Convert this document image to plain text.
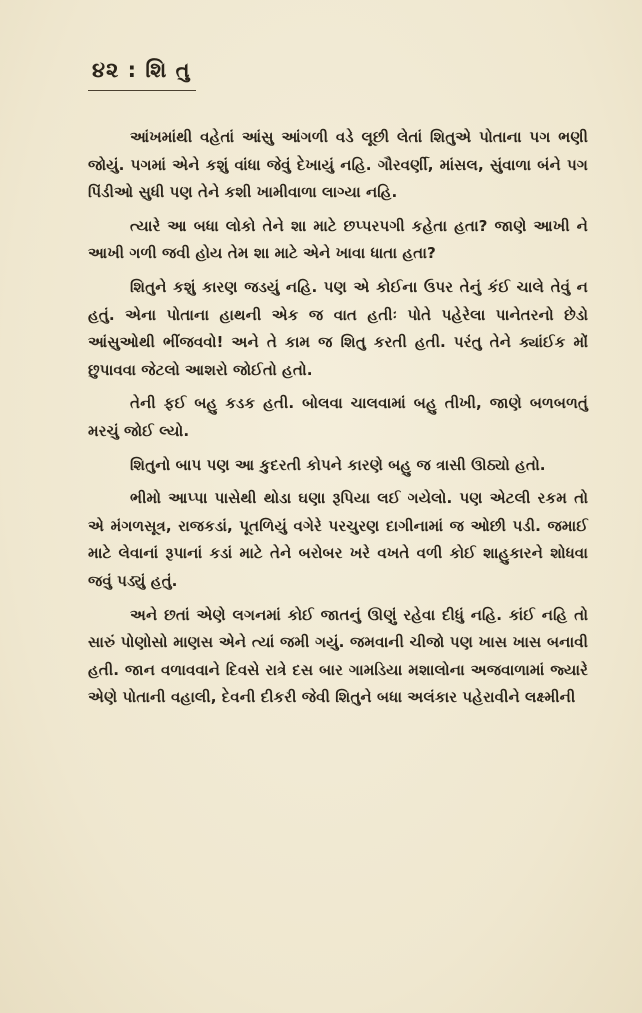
૪૨ : શિ તુ

આંખમાંથી વહેતાં આંસુ આંગળી વડે લૂછી લેતાં શિતુએ પોતાના પગ ભણી જોયું. પગમાં એને કશું વાંધા જેવું દેખાયું નહિ. ગૌરવર્ણી, માંસલ, સુંવાળા બંને પગ પિંડીઓ સુધી પણ તેને કશી ખામીવાળા લાગ્યા નહિ.

ત્યારે આ બધા લોકો તેને શા માટે છપ્પરપગી કહેતા હતા? જાણે આખી ને આખી ગળી જવી હોય તેમ શા માટે એને ખાવા ધાતા હતા?

શિતુને કશું કારણ જડયું નહિ. પણ એ કોઈના ઉપર તેનું કંઈ ચાલે તેવું ન હતું. એના પોતાના હાથની એક જ વાત હતીઃ પોતે પહેરેલા પાનેતરનો છેડો આંસુઓથી ભીંજવવો! અને તે કામ જ શિતુ કરતી હતી. પરંતુ તેને ક્યાંઈક મોં છુપાવવા જેટલો આશરો જોઈતો હતો.

તેની ફઈ બહુ કડક હતી. બોલવા ચાલવામાં બહુ તીખી, જાણે બળબળતું મરચું જોઈ લ્યો.

શિતુનો બાપ પણ આ કુદરતી કોપને કારણે બહુ જ ત્રાસી ઊઠ્યો હતો.

ભીમો આપ્પા પાસેથી થોડા ઘણા રૂપિયા લઈ ગયેલો. પણ એટલી રકમ તો એ મંગળસૂત્ર, રાજકડાં, પૂતળિયું વગેરે પરચુરણ દાગીનામાં જ ઓછી પડી. જમાઈ માટે લેવાનાં રૂપાનાં કડાં માટે તેને બરોબર ખરે વખતે વળી કોઈ શાહુકારને શોધવા જવું પડ્યું હતું.

અને છતાં એણે લગનમાં કોઈ જાતનું ઊણું રહેવા દીધું નહિ. કાંઈ નહિ તો સારું પોણોસો માણસ એને ત્યાં જમી ગયું. જમવાની ચીજો પણ ખાસ ખાસ બનાવી હતી. જાન વળાવવાને દિવસે રાત્રે દસ બાર ગામડિયા મશાલોના અજવાળામાં જ્યારે એણે પોતાની વહાલી, દેવની દીકરી જેવી શિતુને બધા અલંકાર પહેરાવીને લક્ષ્મીની
